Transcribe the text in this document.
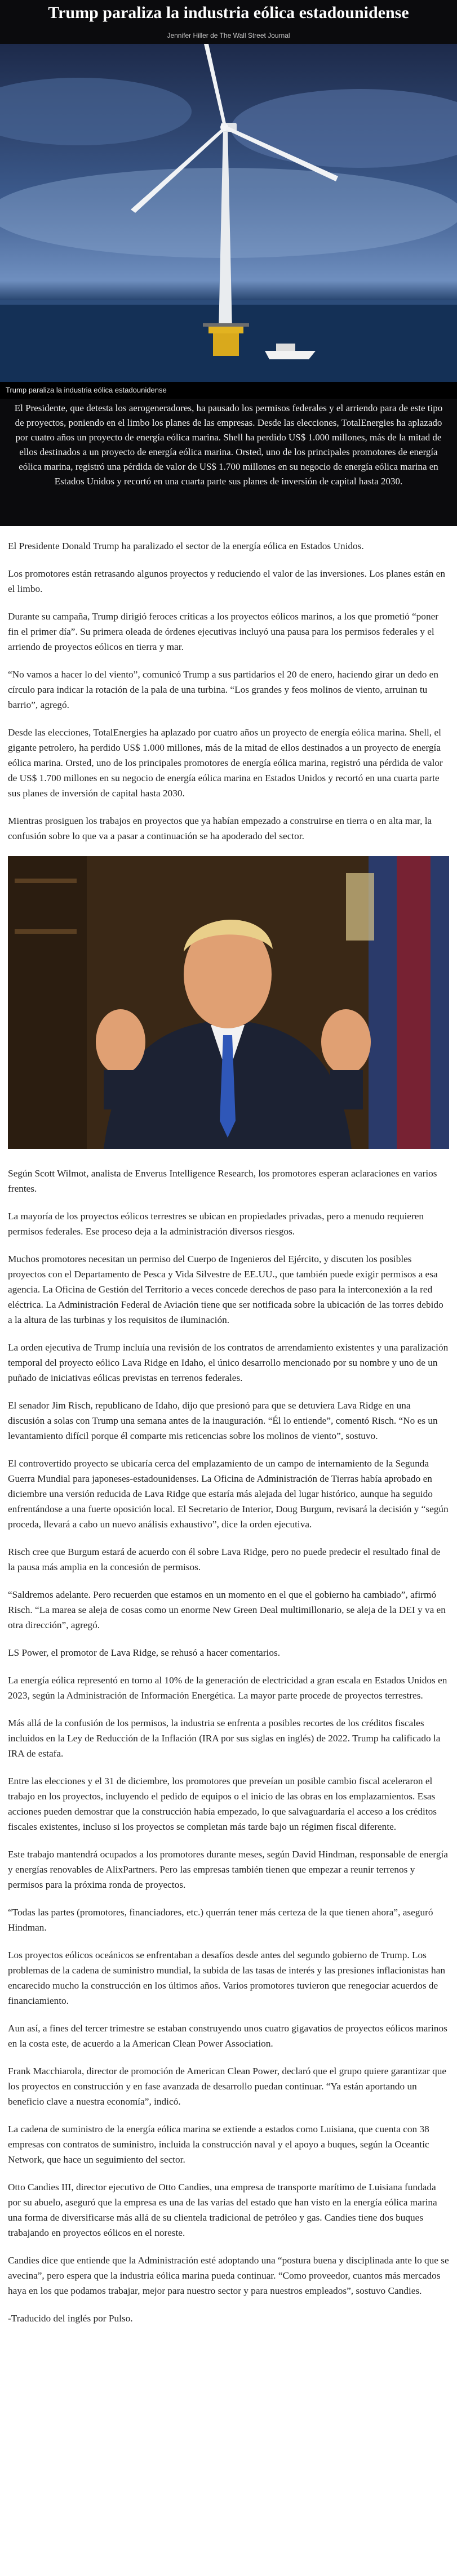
Trump paraliza la industria eólica estadounidense
Jennifer Hiller de The Wall Street Journal
Trump paraliza la industria eólica estadounidense

El Presidente, que detesta los aerogeneradores, ha pausado los permisos federales y el arriendo para de este tipo de proyectos, poniendo en el limbo los planes de las empresas. Desde las elecciones, TotalEnergies ha aplazado por cuatro años un proyecto de energía eólica marina. Shell ha perdido US$ 1.000 millones, más de la mitad de ellos destinados a un proyecto de energía eólica marina. Orsted, uno de los principales promotores de energía eólica marina, registró una pérdida de valor de US$ 1.700 millones en su negocio de energía eólica marina en Estados Unidos y recortó en una cuarta parte sus planes de inversión de capital hasta 2030.

El Presidente Donald Trump ha paralizado el sector de la energía eólica en Estados Unidos.

Los promotores están retrasando algunos proyectos y reduciendo el valor de las inversiones. Los planes están en el limbo.

Durante su campaña, Trump dirigió feroces críticas a los proyectos eólicos marinos, a los que prometió “poner fin el primer día”. Su primera oleada de órdenes ejecutivas incluyó una pausa para los permisos federales y el arriendo de proyectos eólicos en tierra y mar.

“No vamos a hacer lo del viento”, comunicó Trump a sus partidarios el 20 de enero, haciendo girar un dedo en círculo para indicar la rotación de la pala de una turbina. “Los grandes y feos molinos de viento, arruinan tu barrio”, agregó.

Desde las elecciones, TotalEnergies ha aplazado por cuatro años un proyecto de energía eólica marina. Shell, el gigante petrolero, ha perdido US$ 1.000 millones, más de la mitad de ellos destinados a un proyecto de energía eólica marina. Orsted, uno de los principales promotores de energía eólica marina, registró una pérdida de valor de US$ 1.700 millones en su negocio de energía eólica marina en Estados Unidos y recortó en una cuarta parte sus planes de inversión de capital hasta 2030.

Mientras prosiguen los trabajos en proyectos que ya habían empezado a construirse en tierra o en alta mar, la confusión sobre lo que va a pasar a continuación se ha apoderado del sector.

Según Scott Wilmot, analista de Enverus Intelligence Research, los promotores esperan aclaraciones en varios frentes.

La mayoría de los proyectos eólicos terrestres se ubican en propiedades privadas, pero a menudo requieren permisos federales. Ese proceso deja a la administración diversos riesgos.

Muchos promotores necesitan un permiso del Cuerpo de Ingenieros del Ejército, y discuten los posibles proyectos con el Departamento de Pesca y Vida Silvestre de EE.UU., que también puede exigir permisos a esa agencia. La Oficina de Gestión del Territorio a veces concede derechos de paso para la interconexión a la red eléctrica. La Administración Federal de Aviación tiene que ser notificada sobre la ubicación de las torres debido a la altura de las turbinas y los requisitos de iluminación.

La orden ejecutiva de Trump incluía una revisión de los contratos de arrendamiento existentes y una paralización temporal del proyecto eólico Lava Ridge en Idaho, el único desarrollo mencionado por su nombre y uno de un puñado de iniciativas eólicas previstas en terrenos federales.

El senador Jim Risch, republicano de Idaho, dijo que presionó para que se detuviera Lava Ridge en una discusión a solas con Trump una semana antes de la inauguración. “Él lo entiende”, comentó Risch. “No es un levantamiento difícil porque él comparte mis reticencias sobre los molinos de viento”, sostuvo.

El controvertido proyecto se ubicaría cerca del emplazamiento de un campo de internamiento de la Segunda Guerra Mundial para japoneses-estadounidenses. La Oficina de Administración de Tierras había aprobado en diciembre una versión reducida de Lava Ridge que estaría más alejada del lugar histórico, aunque ha seguido enfrentándose a una fuerte oposición local. El Secretario de Interior, Doug Burgum, revisará la decisión y “según proceda, llevará a cabo un nuevo análisis exhaustivo”, dice la orden ejecutiva.

Risch cree que Burgum estará de acuerdo con él sobre Lava Ridge, pero no puede predecir el resultado final de la pausa más amplia en la concesión de permisos.

“Saldremos adelante. Pero recuerden que estamos en un momento en el que el gobierno ha cambiado”, afirmó Risch. “La marea se aleja de cosas como un enorme New Green Deal multimillonario, se aleja de la DEI y va en otra dirección”, agregó.

LS Power, el promotor de Lava Ridge, se rehusó a hacer comentarios.

La energía eólica representó en torno al 10% de la generación de electricidad a gran escala en Estados Unidos en 2023, según la Administración de Información Energética. La mayor parte procede de proyectos terrestres.

Más allá de la confusión de los permisos, la industria se enfrenta a posibles recortes de los créditos fiscales incluidos en la Ley de Reducción de la Inflación (IRA por sus siglas en inglés) de 2022. Trump ha calificado la IRA de estafa.

Entre las elecciones y el 31 de diciembre, los promotores que preveían un posible cambio fiscal aceleraron el trabajo en los proyectos, incluyendo el pedido de equipos o el inicio de las obras en los emplazamientos. Esas acciones pueden demostrar que la construcción había empezado, lo que salvaguardaría el acceso a los créditos fiscales existentes, incluso si los proyectos se completan más tarde bajo un régimen fiscal diferente.

Este trabajo mantendrá ocupados a los promotores durante meses, según David Hindman, responsable de energía y energías renovables de AlixPartners. Pero las empresas también tienen que empezar a reunir terrenos y permisos para la próxima ronda de proyectos.

“Todas las partes (promotores, financiadores, etc.) querrán tener más certeza de la que tienen ahora”, aseguró Hindman.

Los proyectos eólicos oceánicos se enfrentaban a desafíos desde antes del segundo gobierno de Trump. Los problemas de la cadena de suministro mundial, la subida de las tasas de interés y las presiones inflacionistas han encarecido mucho la construcción en los últimos años. Varios promotores tuvieron que renegociar acuerdos de financiamiento.

Aun así, a fines del tercer trimestre se estaban construyendo unos cuatro gigavatios de proyectos eólicos marinos en la costa este, de acuerdo a la American Clean Power Association.

Frank Macchiarola, director de promoción de American Clean Power, declaró que el grupo quiere garantizar que los proyectos en construcción y en fase avanzada de desarrollo puedan continuar. “Ya están aportando un beneficio clave a nuestra economía”, indicó.

La cadena de suministro de la energía eólica marina se extiende a estados como Luisiana, que cuenta con 38 empresas con contratos de suministro, incluida la construcción naval y el apoyo a buques, según la Oceantic Network, que hace un seguimiento del sector.

Otto Candies III, director ejecutivo de Otto Candies, una empresa de transporte marítimo de Luisiana fundada por su abuelo, aseguró que la empresa es una de las varias del estado que han visto en la energía eólica marina una forma de diversificarse más allá de su clientela tradicional de petróleo y gas. Candies tiene dos buques trabajando en proyectos eólicos en el noreste.

Candies dice que entiende que la Administración esté adoptando una “postura buena y disciplinada ante lo que se avecina”, pero espera que la industria eólica marina pueda continuar. “Como proveedor, cuantos más mercados haya en los que podamos trabajar, mejor para nuestro sector y para nuestros empleados”, sostuvo Candies.

-Traducido del inglés por Pulso.
